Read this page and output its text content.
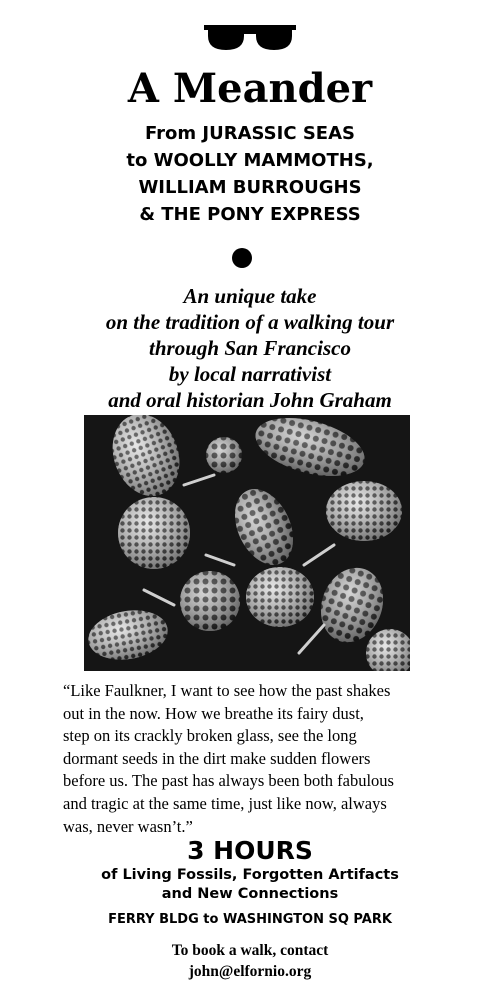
A Meander
From JURASSIC SEAS
to WOOLLY MAMMOTHS,
WILLIAM BURROUGHS
& THE PONY EXPRESS
An unique take
on the tradition of a walking tour
through San Francisco
by local narrativist
and oral historian John Graham
“Like Faulkner, I want to see how the past shakes
out in the now. How we breathe its fairy dust,
step on its crackly broken glass, see the long
dormant seeds in the dirt make sudden flowers
before us. The past has always been both fabulous
and tragic at the same time, just like now, always
was, never wasn’t.”
3 HOURS
of Living Fossils, Forgotten Artifacts
and New Connections
FERRY BLDG to WASHINGTON SQ PARK
To book a walk, contact
john@elfornio.org
